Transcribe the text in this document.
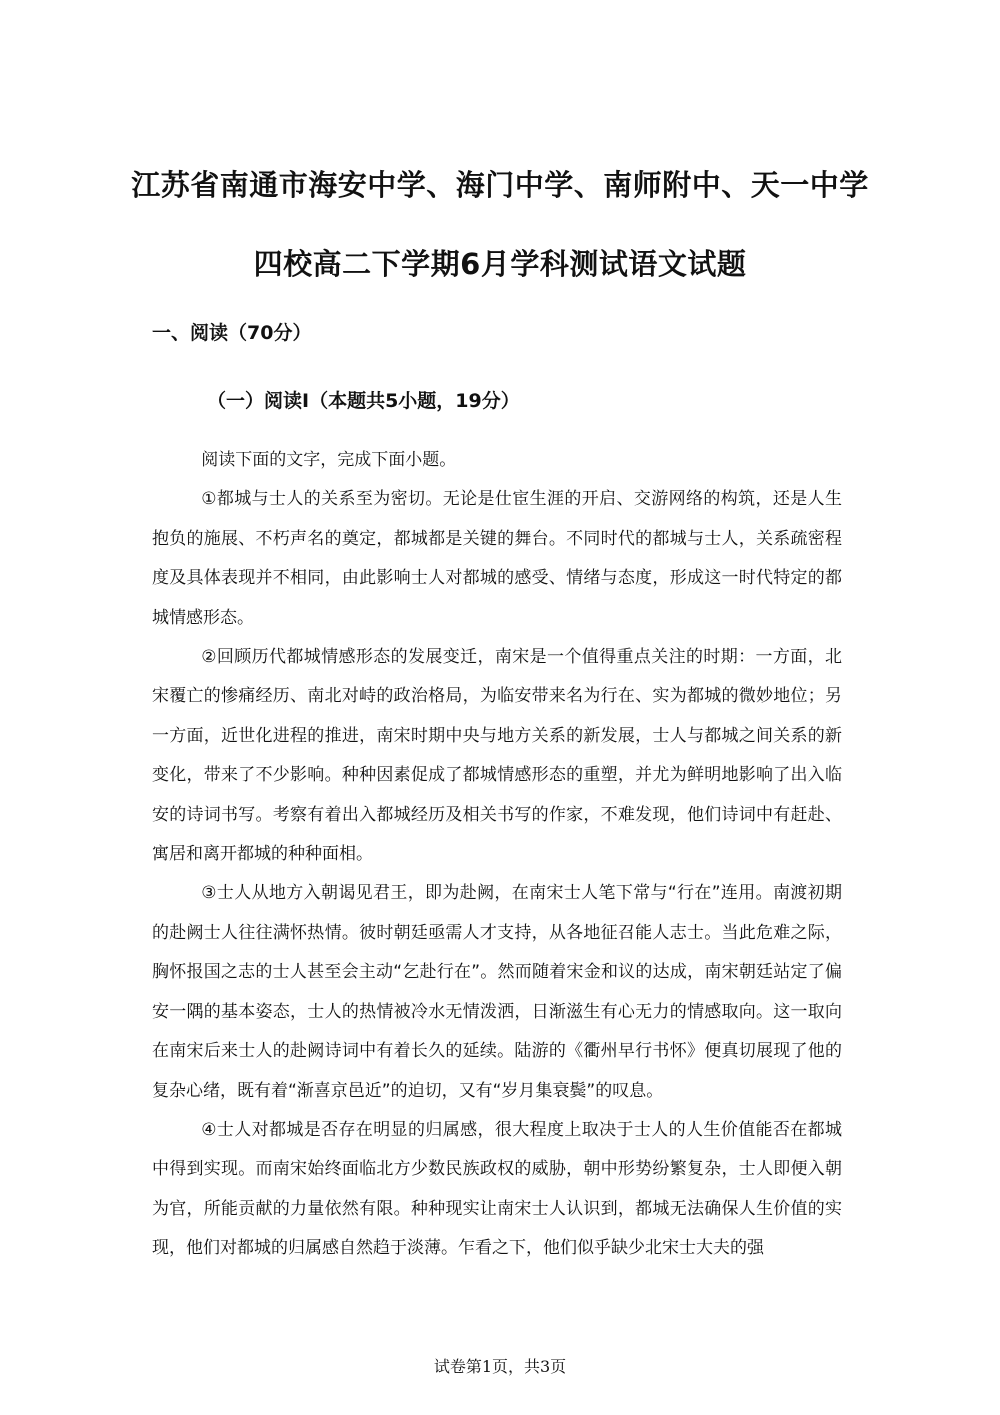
江苏省南通市海安中学、海门中学、南师附中、天一中学
四校高二下学期6月学科测试语文试题
一、阅读（70分）
（一）阅读Ⅰ（本题共5小题，19分）

阅读下面的文字，完成下面小题。

①都城与士人的关系至为密切。无论是仕宦生涯的开启、交游网络的构筑，还是人生抱负的施展、不朽声名的奠定，都城都是关键的舞台。不同时代的都城与士人，关系疏密程度及具体表现并不相同，由此影响士人对都城的感受、情绪与态度，形成这一时代特定的都城情感形态。

②回顾历代都城情感形态的发展变迁，南宋是一个值得重点关注的时期：一方面，北宋覆亡的惨痛经历、南北对峙的政治格局，为临安带来名为行在、实为都城的微妙地位；另一方面，近世化进程的推进，南宋时期中央与地方关系的新发展，士人与都城之间关系的新变化，带来了不少影响。种种因素促成了都城情感形态的重塑，并尤为鲜明地影响了出入临安的诗词书写。考察有着出入都城经历及相关书写的作家，不难发现，他们诗词中有赶赴、寓居和离开都城的种种面相。

③士人从地方入朝谒见君王，即为赴阙，在南宋士人笔下常与“行在”连用。南渡初期的赴阙士人往往满怀热情。彼时朝廷亟需人才支持，从各地征召能人志士。当此危难之际，胸怀报国之志的士人甚至会主动“乞赴行在”。然而随着宋金和议的达成，南宋朝廷站定了偏安一隅的基本姿态，士人的热情被冷水无情泼洒，日渐滋生有心无力的情感取向。这一取向在南宋后来士人的赴阙诗词中有着长久的延续。陆游的《衢州早行书怀》便真切展现了他的复杂心绪，既有着“渐喜京邑近”的迫切，又有“岁月集衰鬓”的叹息。

④士人对都城是否存在明显的归属感，很大程度上取决于士人的人生价值能否在都城中得到实现。而南宋始终面临北方少数民族政权的威胁，朝中形势纷繁复杂，士人即便入朝为官，所能贡献的力量依然有限。种种现实让南宋士人认识到，都城无法确保人生价值的实现，他们对都城的归属感自然趋于淡薄。乍看之下，他们似乎缺少北宋士大夫的强

试卷第1页，共3页
